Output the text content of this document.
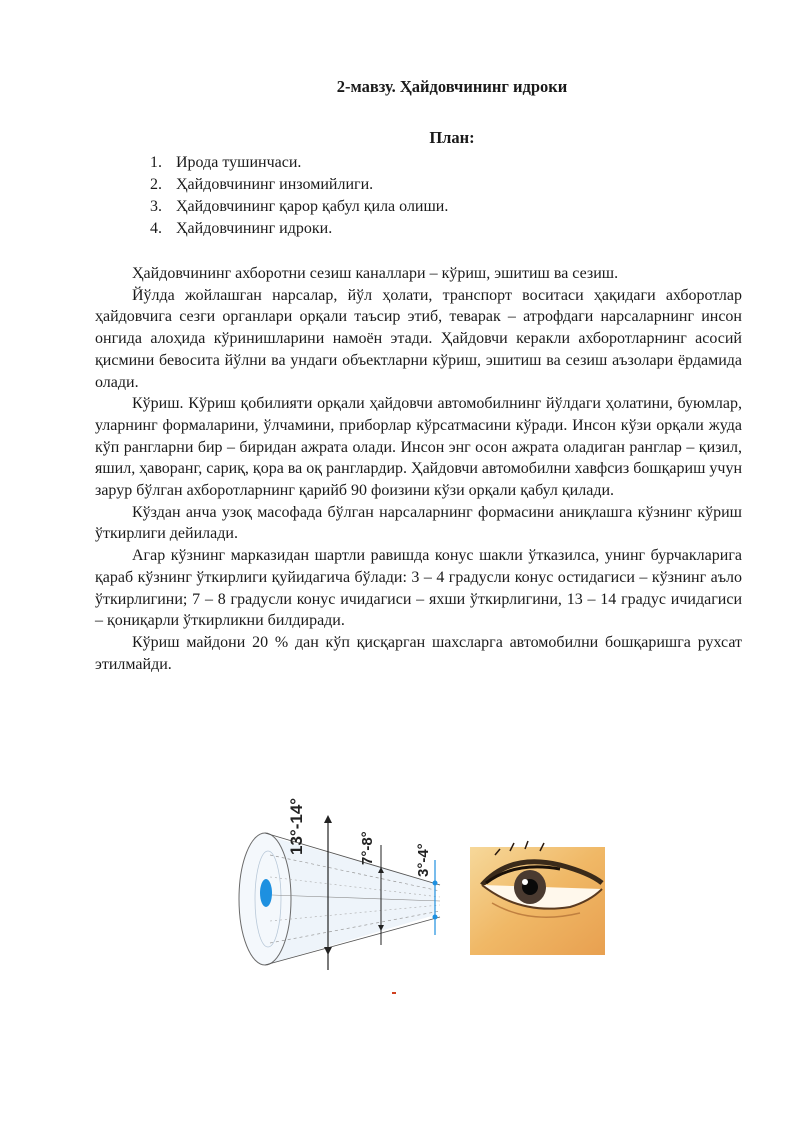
2-мавзу. Ҳайдовчининг идроки
План:
1. Ирода тушинчаси.
2. Ҳайдовчининг инзомийлиги.
3. Ҳайдовчининг қарор қабул қила олиши.
4. Ҳайдовчининг идроки.

Ҳайдовчининг ахборотни сезиш каналлари – кўриш, эшитиш ва сезиш.

Йўлда жойлашган нарсалар, йўл ҳолати, транспорт воситаси ҳақидаги ахборотлар ҳайдовчига сезги органлари орқали таъсир этиб, теварак – атрофдаги нарсаларнинг инсон онгида алоҳида кўринишларини намоён этади. Ҳайдовчи керакли ахборотларнинг асосий қисмини бевосита йўлни ва ундаги объектларни кўриш, эшитиш ва сезиш аъзолари ёрдамида олади.

Кўриш. Кўриш қобилияти орқали ҳайдовчи автомобилнинг йўлдаги ҳолатини, буюмлар, уларнинг формаларини, ўлчамини, приборлар кўрсатмасини кўради. Инсон кўзи орқали жуда кўп рангларни бир – биридан ажрата олади. Инсон энг осон ажрата оладиган ранглар – қизил, яшил, ҳаворанг, сариқ, қора ва оқ ранглардир. Ҳайдовчи автомобилни хавфсиз бошқариш учун зарур бўлган ахборотларнинг қарийб 90 фоизини кўзи орқали қабул қилади.

Кўздан анча узоқ масофада бўлган нарсаларнинг формасини аниқлашга кўзнинг кўриш ўткирлиги дейилади.

Агар кўзнинг марказидан шартли равишда конус шакли ўтказилса, унинг бурчакларига қараб кўзнинг ўткирлиги қуйидагича бўлади: 3 – 4 градусли конус остидагиси – кўзнинг аъло ўткирлигини; 7 – 8 градусли конус ичидагиси – яхши ўткирлигини, 13 – 14 градус ичидагиси – қониқарли ўткирликни билдиради.

Кўриш майдони 20 % дан кўп қисқарган шахсларга автомобилни бошқаришга рухсат этилмайди.

13°-14°	7°-8°	3°-4°
